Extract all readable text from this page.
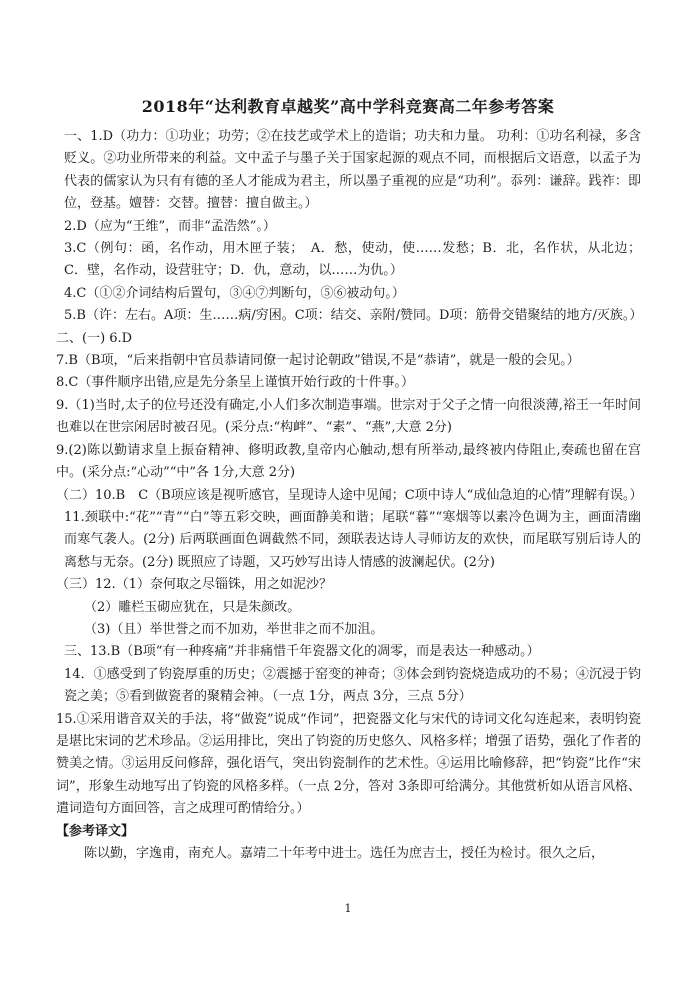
2018年“达利教育卓越奖”高中学科竞赛高二年参考答案

一、1.D（功力：①功业；功劳；②在技艺或学术上的造诣；功夫和力量。 功利：①功名利禄，多含贬义。②功业所带来的利益。文中孟子与墨子关于国家起源的观点不同，而根据后文语意，以孟子为代表的儒家认为只有有德的圣人才能成为君主，所以墨子重视的应是“功利”。忝列：谦辞。践祚：即位，登基。嬗替：交替。擅替：擅自做主。）

2.D（应为“王维”，而非“孟浩然”。）

3.C（例句：函，名作动，用木匣子装；　A．愁，使动，使……发愁；B．北，名作状，从北边；C．壁，名作动，设营驻守；D．仇，意动，以……为仇。）

4.C（①②介词结构后置句，③④⑦判断句，⑤⑥被动句。）

5.B（许：左右。A项：生……病/穷困。C项：结交、亲附/赞同。D项：筋骨交错聚结的地方/灭族。）

二、(一) 6.D

7.B（B项，“后来指朝中官员恭请同僚一起讨论朝政”错误,不是“恭请”，就是一般的会见。）

8.C（事件顺序出错,应是先分条呈上谨慎开始行政的十件事。）

9.（1)当时,太子的位号还没有确定,小人们多次制造事端。世宗对于父子之情一向很淡薄,裕王一年时间也难以在世宗闲居时被召见。(采分点:“构衅”、“素”、“燕”,大意 2分)

9.(2)陈以勤请求皇上振奋精神、修明政教,皇帝内心触动,想有所举动,最终被内侍阻止,奏疏也留在宫中。(采分点:“心动”“中”各 1分,大意 2分)

（二）10.B　C（B项应该是视听感官，呈现诗人途中见闻；C项中诗人“成仙急迫的心情”理解有误。）

11.颈联中:“花”“青”“白”等五彩交映，画面静美和谐；尾联“暮”“寒烟等以素冷色调为主，画面清幽而寒气袭人。(2分) 后两联画面色调截然不同，颈联表达诗人寻师访友的欢快，而尾联写别后诗人的离愁与无奈。(2分) 既照应了诗题，又巧妙写出诗人情感的波澜起伏。(2分)

（三）12.（1）奈何取之尽锱铢，用之如泥沙？

（2）雕栏玉砌应犹在，只是朱颜改。

（3)（且）举世誉之而不加劝，举世非之而不加沮。

三、13.B（B项“有一种疼痛”并非痛惜千年瓷器文化的凋零，而是表达一种感动。）

14．①感受到了钧瓷厚重的历史；②震撼于窑变的神奇；③体会到钧瓷烧造成功的不易；④沉浸于钧瓷之美；⑤看到做瓷者的聚精会神。（一点 1分，两点 3分，三点 5分）

15.①采用谐音双关的手法，将“做瓷”说成“作词”，把瓷器文化与宋代的诗词文化勾连起来，表明钧瓷是堪比宋词的艺术珍品。②运用排比，突出了钧瓷的历史悠久、风格多样；增强了语势，强化了作者的赞美之情。③运用反问修辞，强化语气，突出钧瓷制作的艺术性。④运用比喻修辞，把“钧瓷”比作“宋词”，形象生动地写出了钧瓷的风格多样。（一点 2分，答对 3条即可给满分。其他赏析如从语言风格、遣词造句方面回答，言之成理可酌情给分。）

【参考译文】

陈以勤，字逸甫，南充人。嘉靖二十年考中进士。选任为庶吉士，授任为检讨。很久之后，

1
